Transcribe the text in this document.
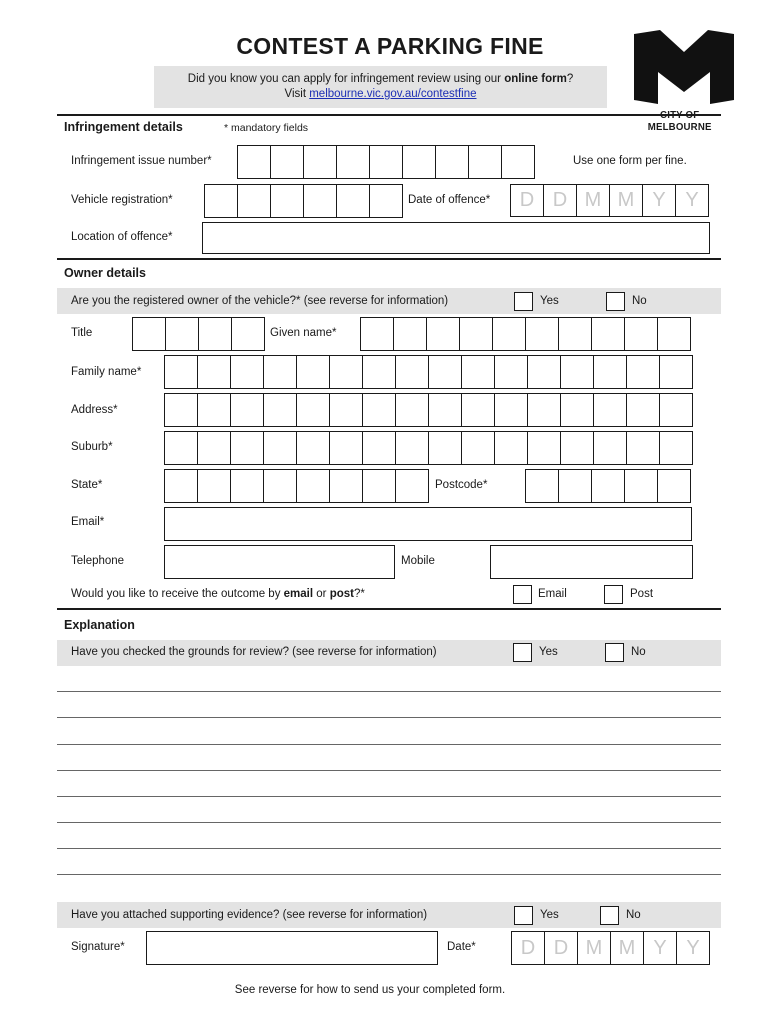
CONTEST A PARKING FINE
Did you know you can apply for infringement review using our online form?
Visit melbourne.vic.gov.au/contestfine
MELBOURNE
Infringement details	* mandatory fields
Infringement issue number*	Use one form per fine.
Vehicle registration*	Date of offence*	D D M M Y Y
Location of offence*
Owner details
Are you the registered owner of the vehicle?* (see reverse for information)	Yes	No
Title	Given name*
Family name*
Address*
Suburb*
State*	Postcode*
Email*
Telephone	Mobile
Would you like to receive the outcome by email or post?*	Email	Post
Explanation
Have you checked the grounds for review? (see reverse for information)	Yes	No
Have you attached supporting evidence? (see reverse for information)	Yes	No
Signature*	Date*	D D M M Y Y
See reverse for how to send us your completed form.
